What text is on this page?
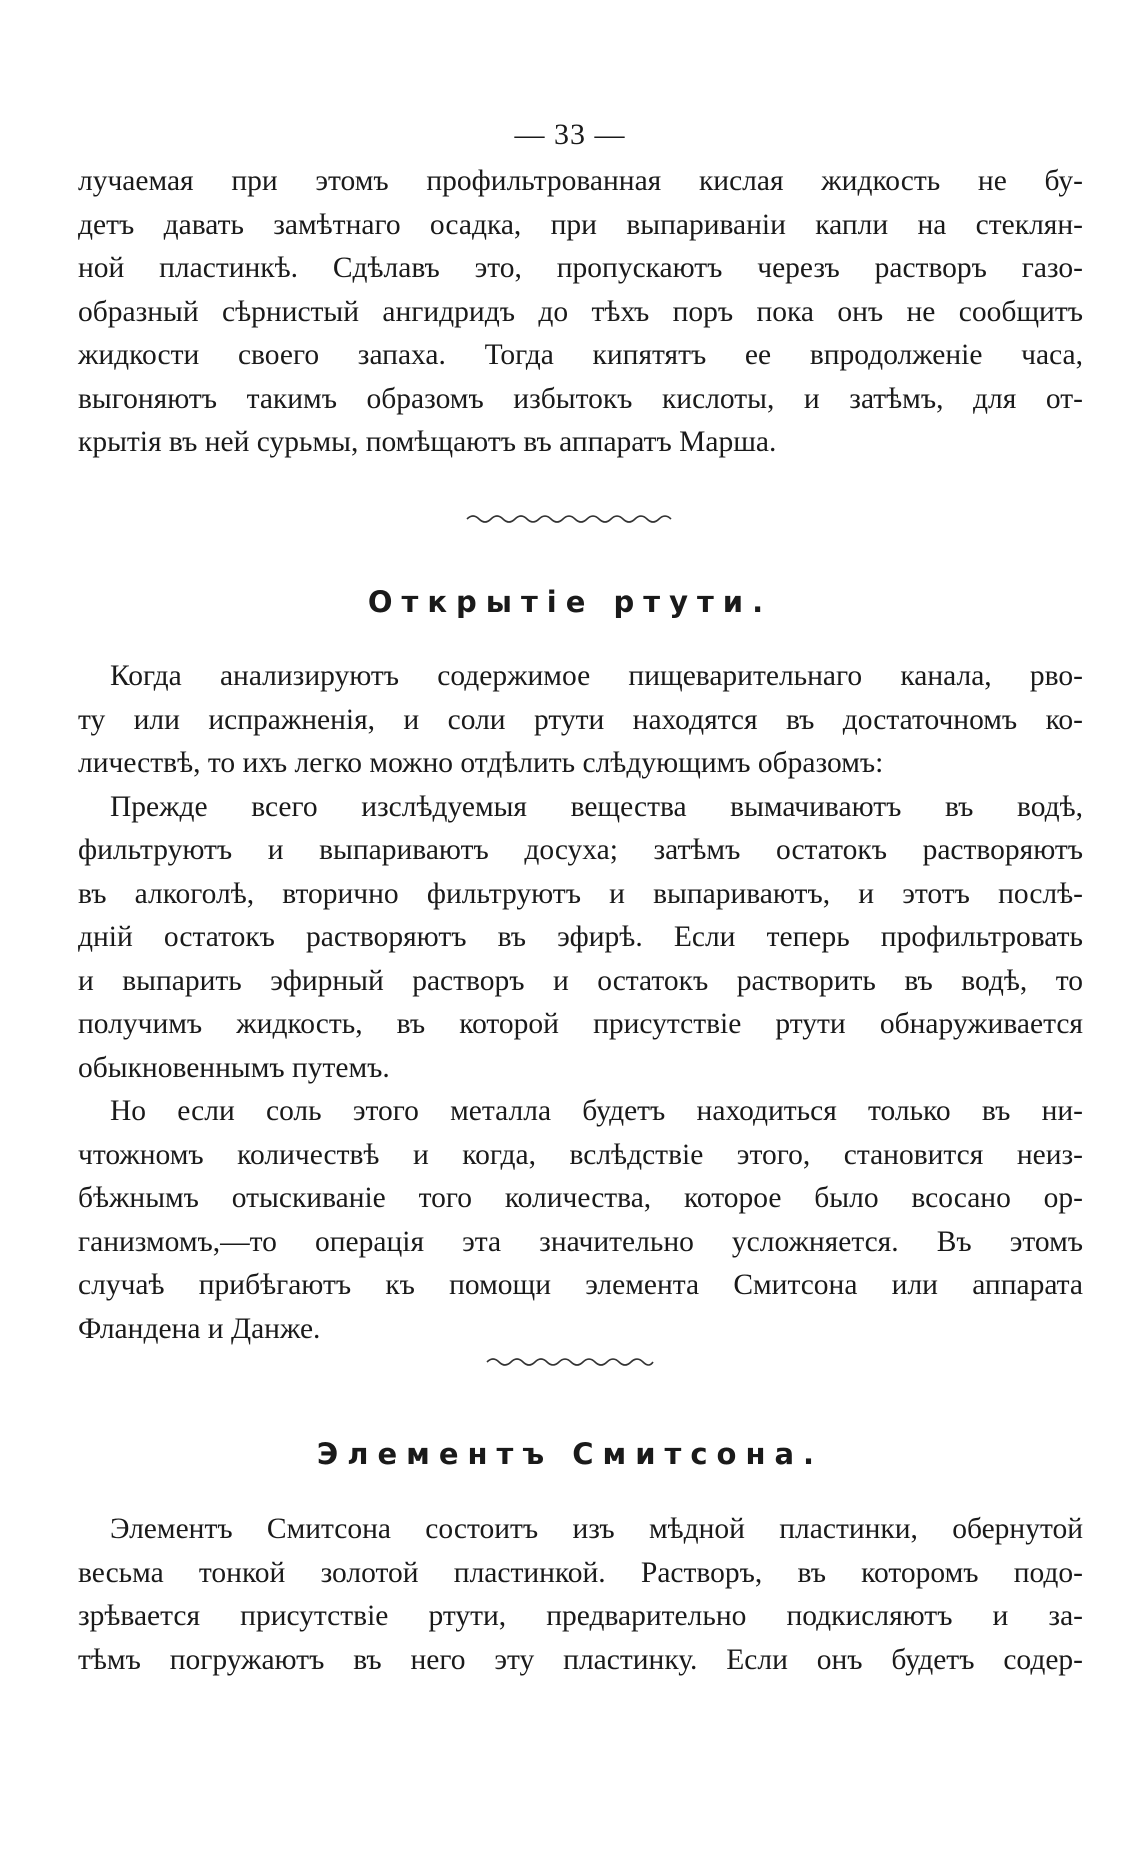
— 33 —
лучаемая при этомъ профильтрованная кислая жидкость не бу-
детъ давать замѣтнаго осадка, при выпариваніи капли на стеклян-
ной пластинкѣ. Сдѣлавъ это, пропускаютъ черезъ растворъ газо-
образный сѣрнистый ангидридъ до тѣхъ поръ пока онъ не сообщитъ
жидкости своего запаха. Тогда кипятятъ ее впродолженіе часа,
выгоняютъ такимъ образомъ избытокъ кислоты, и затѣмъ, для от-
крытія въ ней сурьмы, помѣщаютъ въ аппаратъ Марша.
Открытіе ртути.
Когда анализируютъ содержимое пищеварительнаго канала, рво-
ту или испражненія, и соли ртути находятся въ достаточномъ ко-
личествѣ, то ихъ легко можно отдѣлить слѣдующимъ образомъ:
Прежде всего изслѣдуемыя вещества вымачиваютъ въ водѣ,
фильтруютъ и выпариваютъ досуха; затѣмъ остатокъ растворяютъ
въ алкоголѣ, вторично фильтруютъ и выпариваютъ, и этотъ послѣ-
дній остатокъ растворяютъ въ эфирѣ. Если теперь профильтровать
и выпарить эфирный растворъ и остатокъ растворить въ водѣ, то
получимъ жидкость, въ которой присутствіе ртути обнаруживается
обыкновеннымъ путемъ.
Но если соль этого металла будетъ находиться только въ ни-
чтожномъ количествѣ и когда, вслѣдствіе этого, становится неиз-
бѣжнымъ отыскиваніе того количества, которое было всосано ор-
ганизмомъ,—то операція эта значительно усложняется. Въ этомъ
случаѣ прибѣгаютъ къ помощи элемента Смитсона или аппарата
Фландена и Данже.
Элементъ Смитсона.
Элементъ Смитсона состоитъ изъ мѣдной пластинки, обернутой
весьма тонкой золотой пластинкой. Растворъ, въ которомъ подо-
зрѣвается присутствіе ртути, предварительно подкисляютъ и за-
тѣмъ погружаютъ въ него эту пластинку. Если онъ будетъ содер-
